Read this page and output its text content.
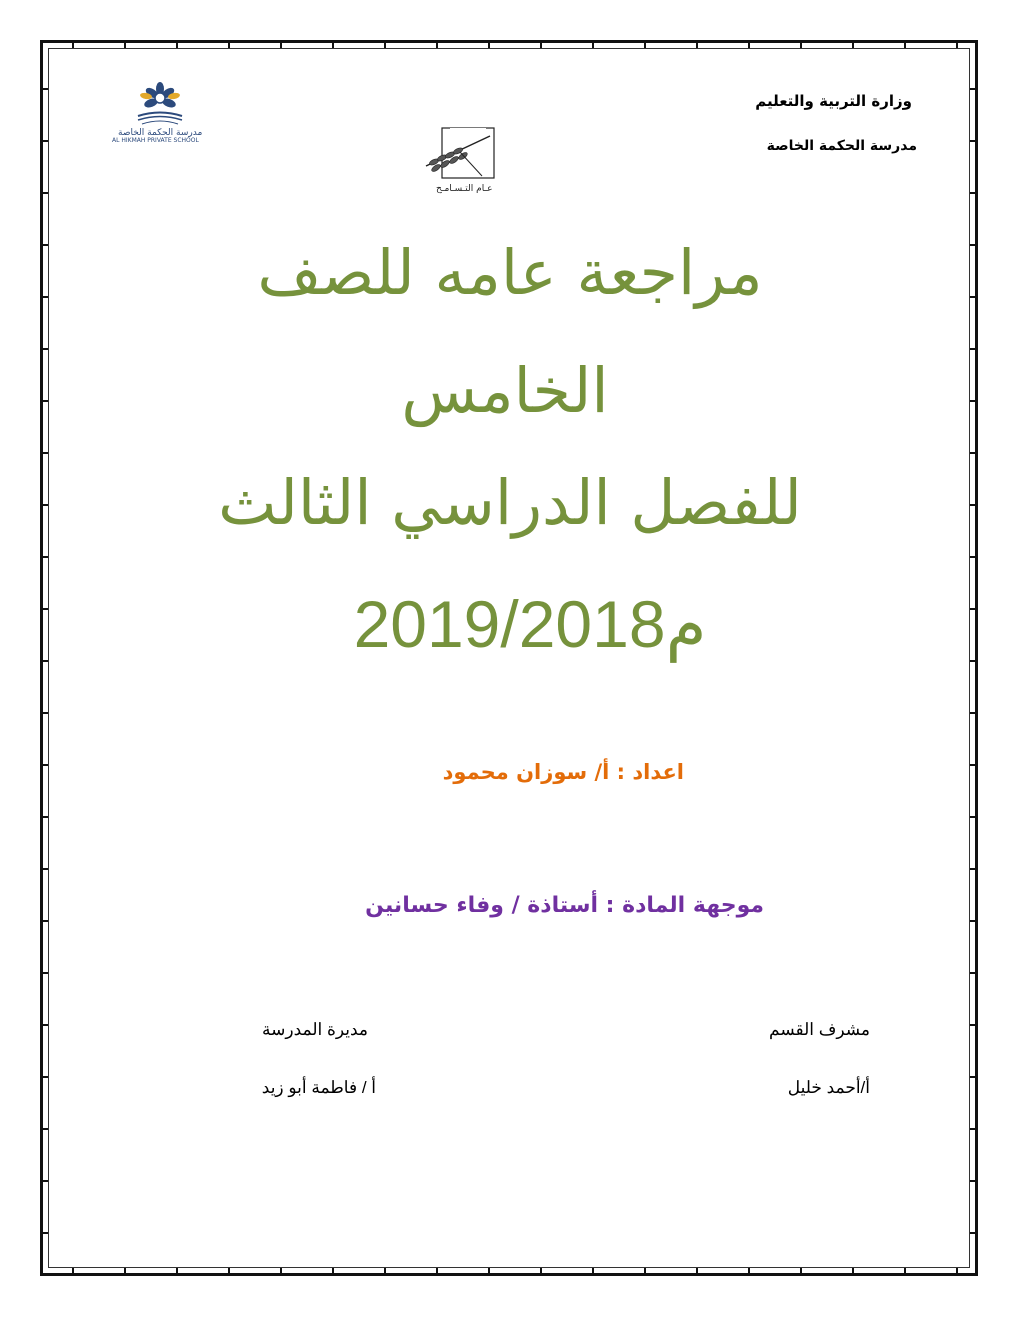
وزارة التربية والتعليم
مدرسة الحكمة الخاصة
مدرسة الحكمة الخاصة
AL HIKMAH PRIVATE SCHOOL
عـام التـسـامـح
مراجعة عامه للصف
الخامس
للفصل الدراسي الثالث
2019/2018م
اعداد : أ/ سوزان محمود
موجهة المادة : أستاذة / وفاء حسانين
مشرف القسم
أ/أحمد خليل
مديرة المدرسة
أ / فاطمة أبو زيد
